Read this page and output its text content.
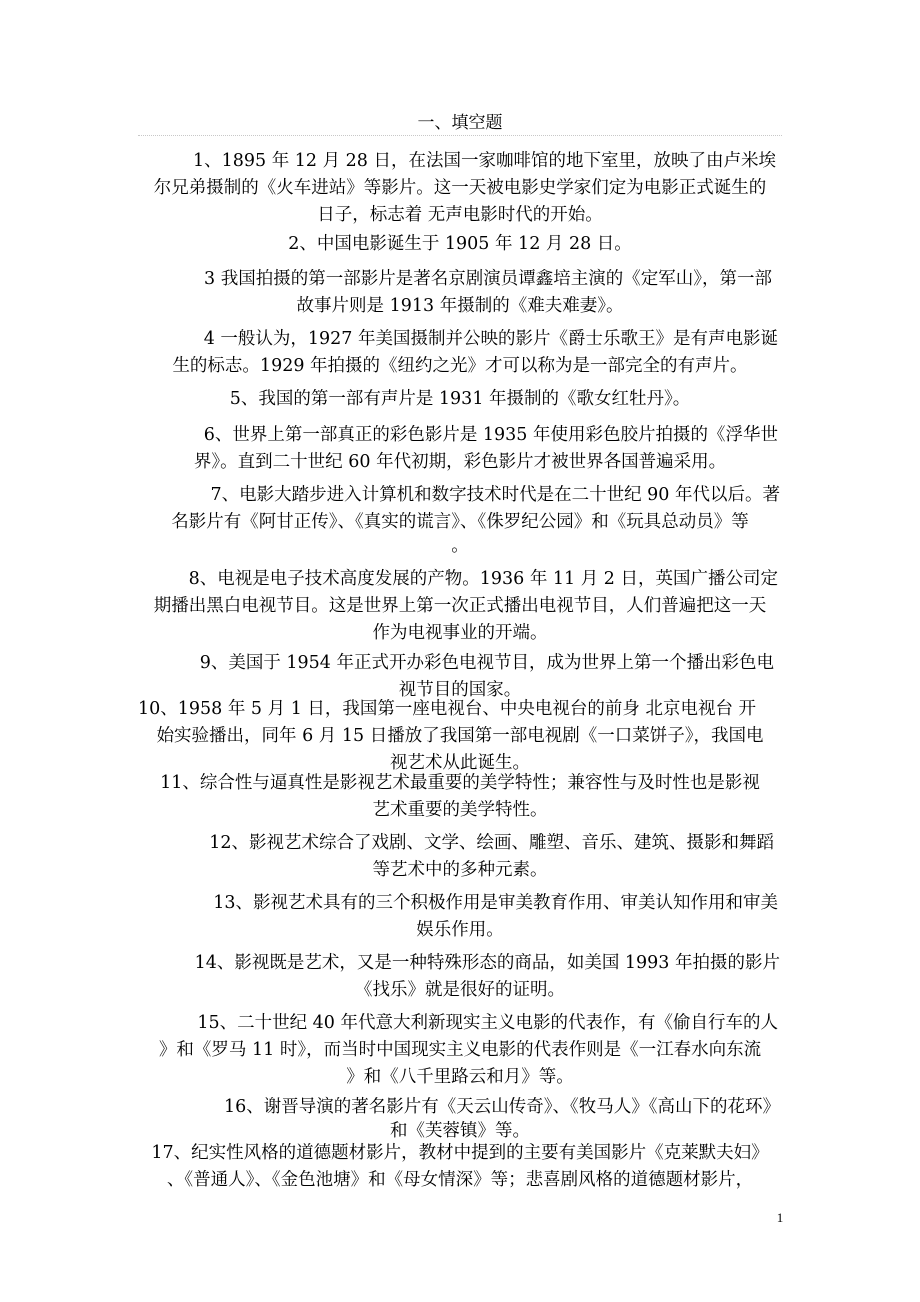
一、填空题
1、1895 年 12 月 28 日，在法国一家咖啡馆的地下室里，放映了由卢米埃
尔兄弟摄制的《火车进站》等影片。这一天被电影史学家们定为电影正式诞生的
日子，标志着 无声电影时代的开始。
2、中国电影诞生于 1905 年 12 月 28 日。
3 我国拍摄的第一部影片是著名京剧演员谭鑫培主演的《定军山》，第一部
故事片则是 1913 年摄制的《难夫难妻》。
4 一般认为，1927 年美国摄制并公映的影片《爵士乐歌王》是有声电影诞
生的标志。1929 年拍摄的《纽约之光》才可以称为是一部完全的有声片。
5、我国的第一部有声片是 1931 年摄制的《歌女红牡丹》。
6、世界上第一部真正的彩色影片是 1935 年使用彩色胶片拍摄的《浮华世
界》。直到二十世纪 60 年代初期，彩色影片才被世界各国普遍采用。
7、电影大踏步进入计算机和数字技术时代是在二十世纪 90 年代以后。著
名影片有《阿甘正传》、《真实的谎言》、《侏罗纪公园》和《玩具总动员》等
。
8、电视是电子技术高度发展的产物。1936 年 11 月 2 日，英国广播公司定
期播出黑白电视节目。这是世界上第一次正式播出电视节目，人们普遍把这一天
作为电视事业的开端。
9、美国于 1954 年正式开办彩色电视节目，成为世界上第一个播出彩色电
视节目的国家。
10、1958 年 5 月 1 日，我国第一座电视台、中央电视台的前身 北京电视台 开
始实验播出，同年 6 月 15 日播放了我国第一部电视剧《一口菜饼子》，我国电
视艺术从此诞生。
11、综合性与逼真性是影视艺术最重要的美学特性；兼容性与及时性也是影视
艺术重要的美学特性。
12、影视艺术综合了戏剧、文学、绘画、雕塑、音乐、建筑、摄影和舞蹈
等艺术中的多种元素。
13、影视艺术具有的三个积极作用是审美教育作用、审美认知作用和审美
娱乐作用。
14、影视既是艺术，又是一种特殊形态的商品，如美国 1993 年拍摄的影片
《找乐》就是很好的证明。
15、二十世纪 40 年代意大利新现实主义电影的代表作，有《偷自行车的人
》和《罗马 11 时》，而当时中国现实主义电影的代表作则是《一江春水向东流
》和《八千里路云和月》等。
16、谢晋导演的著名影片有《天云山传奇》、《牧马人》《高山下的花环》
和《芙蓉镇》等。
17、纪实性风格的道德题材影片，教材中提到的主要有美国影片《克莱默夫妇》
、《普通人》、《金色池塘》和《母女情深》等；悲喜剧风格的道德题材影片，
1
